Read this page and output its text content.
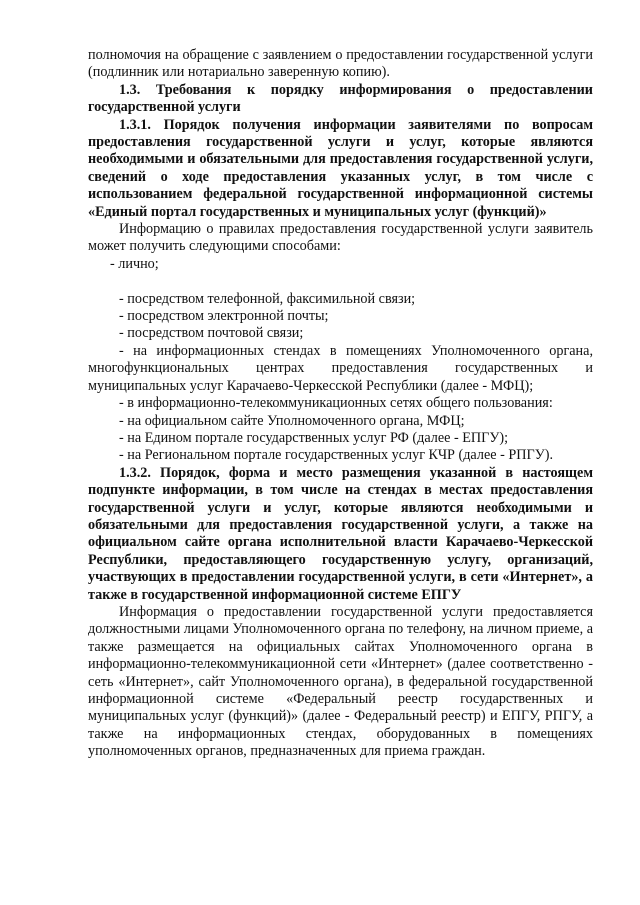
полномочия на обращение с заявлением о предоставлении государственной услуги (подлинник или нотариально заверенную копию).

1.3. Требования к порядку информирования о предоставлении государственной услуги

1.3.1. Порядок получения информации заявителями по вопросам предоставления государственной услуги и услуг, которые являются необходимыми и обязательными для предоставления государственной услуги, сведений о ходе предоставления указанных услуг, в том числе с использованием федеральной государственной информационной системы «Единый портал государственных и муниципальных услуг (функций)»

Информацию о правилах предоставления государственной услуги заявитель может получить следующими способами:

- лично;

- посредством телефонной, факсимильной связи;

- посредством электронной почты;

- посредством почтовой связи;

- на информационных стендах в помещениях Уполномоченного органа, многофункциональных центрах предоставления государственных и муниципальных услуг Карачаево-Черкесской Республики (далее - МФЦ);

- в информационно-телекоммуникационных сетях общего пользования:

- на официальном сайте Уполномоченного органа, МФЦ;

- на Едином портале государственных услуг РФ (далее - ЕПГУ);

- на Региональном портале государственных услуг КЧР (далее - РПГУ).

1.3.2. Порядок, форма и место размещения указанной в настоящем подпункте информации, в том числе на стендах в местах предоставления государственной услуги и услуг, которые являются необходимыми и обязательными для предоставления государственной услуги, а также на официальном сайте органа исполнительной власти Карачаево-Черкесской Республики, предоставляющего государственную услугу, организаций, участвующих в предоставлении государственной услуги, в сети «Интернет», а также в государственной информационной системе ЕПГУ

Информация о предоставлении государственной услуги предоставляется должностными лицами Уполномоченного органа по телефону, на личном приеме, а также размещается на официальных сайтах Уполномоченного органа в информационно-телекоммуникационной сети «Интернет» (далее соответственно - сеть «Интернет», сайт Уполномоченного органа), в федеральной государственной информационной системе «Федеральный реестр государственных и муниципальных услуг (функций)» (далее - Федеральный реестр) и ЕПГУ, РПГУ, а также на информационных стендах, оборудованных в помещениях уполномоченных органов, предназначенных для приема граждан.
